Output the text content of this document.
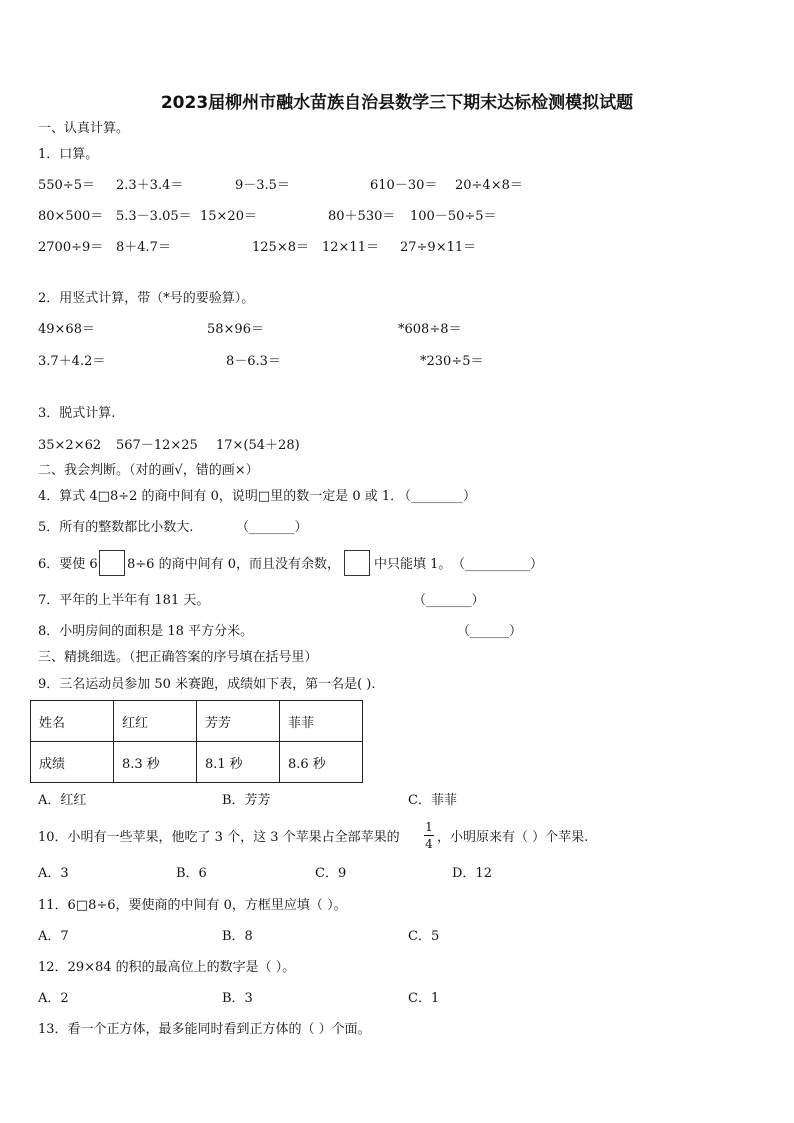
2023届柳州市融水苗族自治县数学三下期末达标检测模拟试题
一、认真计算。
1．口算。
550÷5＝ 2.3＋3.4＝	9－3.5＝	610－30＝ 20÷4×8＝
80×500＝ 5.3－3.05＝ 15×20＝	80＋530＝ 100－50÷5＝
2700÷9＝ 8＋4.7＝	125×8＝ 12×11＝ 27÷9×11＝
2．用竖式计算，带（*号的要验算）。
49×68＝	58×96＝	*608÷8＝
3.7＋4.2＝	8－6.3＝	*230÷5＝
3．脱式计算.
35×2×62 567－12×25 17×(54＋28)
二、我会判断。（对的画√，错的画×）
4．算式 4□8÷2 的商中间有 0，说明□里的数一定是 0 或 1．
（________）
5．所有的整数都比小数大.	（_______）
6．要使 6 8÷6 的商中间有 0，而且没有余数，	中只能填 1。 （__________）
7．平年的上半年有 181 天。	（_______）
8．小明房间的面积是 18 平方分米。	（______）
三、精挑细选。（把正确答案的序号填在括号里）
9．三名运动员参加 50 米赛跑，成绩如下表，第一名是( ).
姓名	红红	芳芳	菲菲
成绩	8.3 秒	8.1 秒	8.6 秒
A．红红	B．芳芳	C．菲菲
10．小明有一些苹果，他吃了 3 个，这 3 个苹果占全部苹果的
1
4 ，小明原来有（ ）个苹果.
A．3	B．6	C．9	D．12
11．6□8÷6，要使商的中间有 0，方框里应填（ ）。
A．7	B．8	C．5
12．29×84 的积的最高位上的数字是（ ）。
A．2	B．3	C．1
13．看一个正方体，最多能同时看到正方体的（ ）个面。
